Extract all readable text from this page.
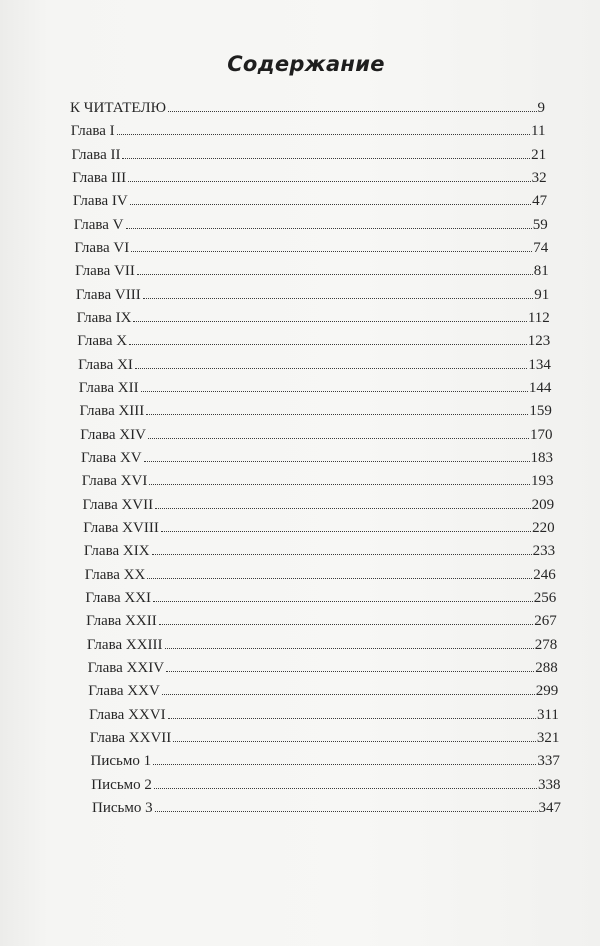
Содержание
К ЧИТАТЕЛЮ	9
Глава I	11
Глава II	21
Глава III	32
Глава IV	47
Глава V	59
Глава VI	74
Глава VII	81
Глава VIII	91
Глава IX	112
Глава X	123
Глава XI	134
Глава XII	144
Глава XIII	159
Глава XIV	170
Глава XV	183
Глава XVI	193
Глава XVII	209
Глава XVIII	220
Глава XIX	233
Глава XX	246
Глава XXI	256
Глава XXII	267
Глава XXIII	278
Глава XXIV	288
Глава XXV	299
Глава XXVI	311
Глава XXVII	321
Письмо 1	337
Письмо 2	338
Письмо 3	347
